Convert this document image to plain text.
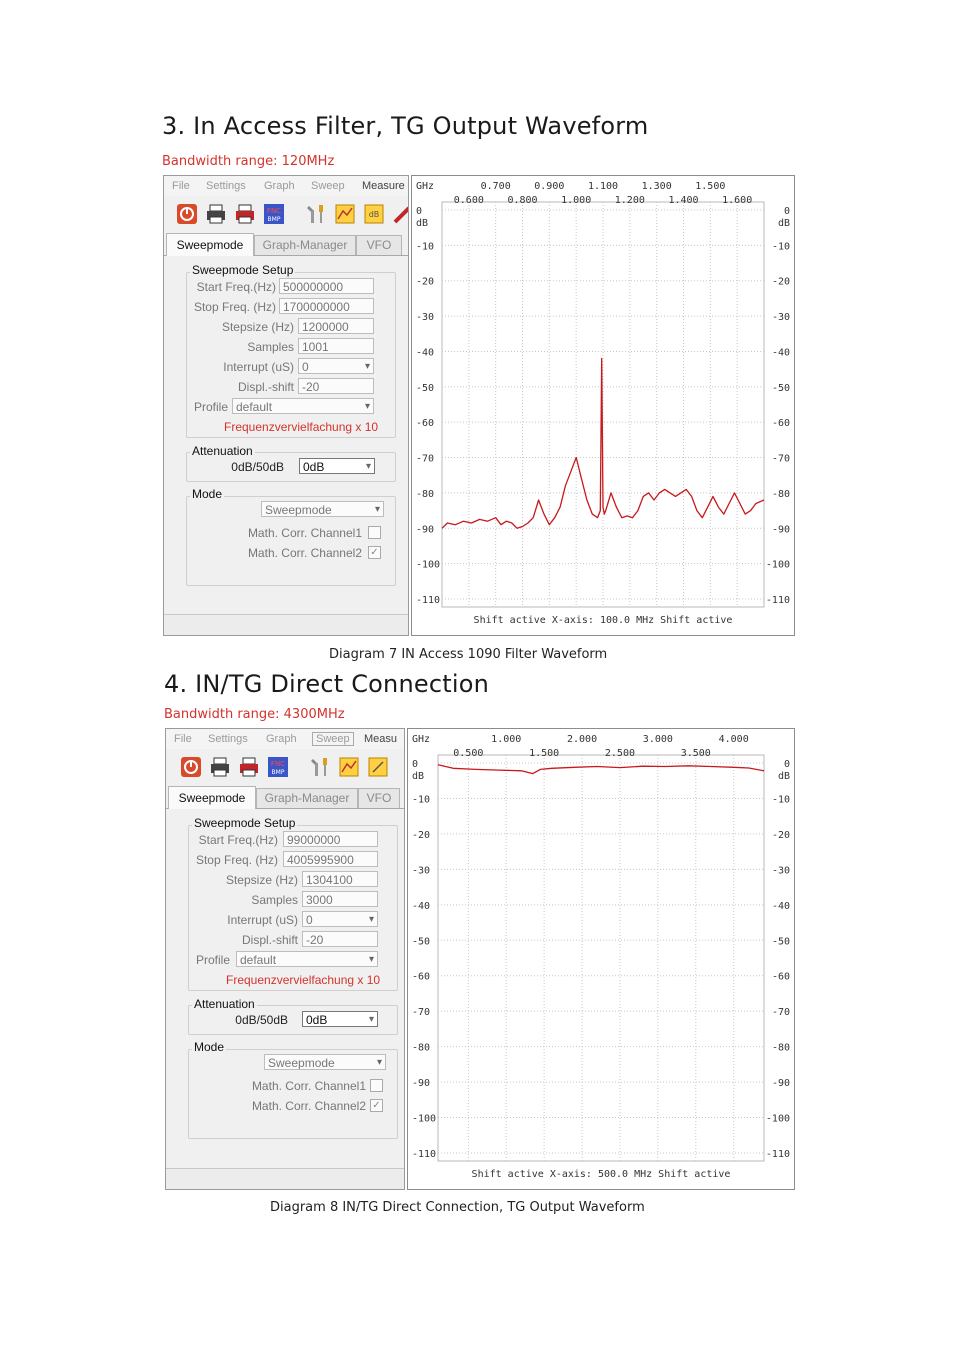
3. In Access Filter, TG Output Waveform
Bandwidth range: 120MHz
File Settings Graph Sweep Measure
FNC
BMP
dB
Sweepmode	Graph-Manager	VFO
Sweepmode Setup
Start Freq.(Hz) 500000000
Stop Freq. (Hz) 1700000000
Stepsize (Hz) 1200000
Samples 1001
Interrupt (uS) 0 ▾
Displ.-shift -20
Profile default ▾
Frequenzvervielfachung x 10
Attenuation
0dB/50dB	0dB ▾
Mode
Sweepmode ▾
Math. Corr. Channel1
Math. Corr. Channel2 ✓
0	0
-10	-10
-20	-20
-30	-30
-40	-40
-50	-50
-60	-60
-70	-70
-80	-80
-90	-90
-100	-100
-110	-110
GHz
dB	dB
0.700 0.900 1.100 1.300 1.500
0.600 0.800 1.000 1.200 1.400 1.600
Shift active X-axis: 100.0 MHz Shift active
Diagram 7 IN Access 1090 Filter Waveform
4. IN/TG Direct Connection
Bandwidth range: 4300MHz
File Settings Graph	Sweep	Measu
FNC
BMP
Sweepmode	Graph-Manager	VFO
Sweepmode Setup
Start Freq.(Hz) 99000000
Stop Freq. (Hz) 4005995900
Stepsize (Hz) 1304100
Samples 3000
Interrupt (uS) 0 ▾
Displ.-shift -20
Profile default ▾
Frequenzvervielfachung x 10
Attenuation
0dB/50dB	0dB ▾
Mode
Sweepmode ▾
Math. Corr. Channel1
Math. Corr. Channel2 ✓
0	0
-10	-10
-20	-20
-30	-30
-40	-40
-50	-50
-60	-60
-70	-70
-80	-80
-90	-90
-100	-100
-110	-110
GHz
dB	dB
1.000	2.000	3.000	4.000
0.500	1.500	2.500	3.500
Shift active X-axis: 500.0 MHz Shift active
Diagram 8 IN/TG Direct Connection, TG Output Waveform
